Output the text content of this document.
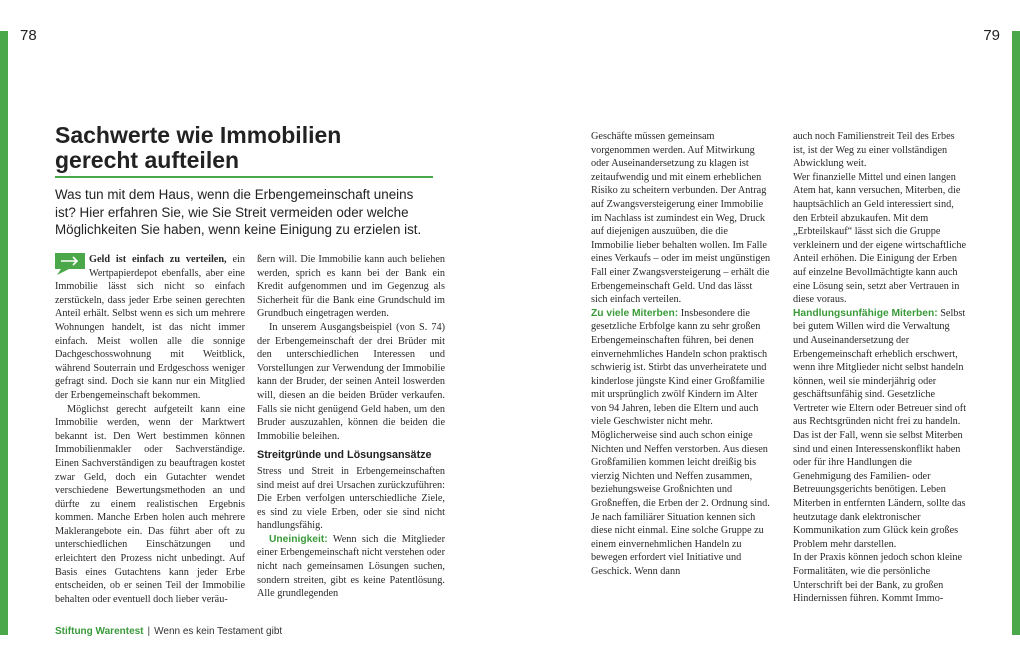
78	79
Sachwerte wie Immobilien
gerecht aufteilen

Was tun mit dem Haus, wenn die Erbengemeinschaft uneins ist? Hier erfahren Sie, wie Sie Streit vermeiden oder welche Möglichkeiten Sie haben, wenn keine Einigung zu erzielen ist.

Geld ist einfach zu verteilen, ein Wertpapierdepot ebenfalls, aber eine Immobilie lässt sich nicht so einfach zerstückeln, dass jeder Erbe seinen gerechten Anteil erhält. Selbst wenn es sich um mehrere Wohnungen handelt, ist das nicht immer einfach. Meist wollen alle die sonnige Dachgeschosswohnung mit Weitblick, während Souterrain und Erdgeschoss weniger gefragt sind. Doch sie kann nur ein Mitglied der Erbengemeinschaft bekommen.

Möglichst gerecht aufgeteilt kann eine Immobilie werden, wenn der Marktwert bekannt ist. Den Wert bestimmen können Immobilienmakler oder Sachverständige. Einen Sachverständigen zu beauftragen kostet zwar Geld, doch ein Gutachter wendet verschiedene Bewertungsmethoden an und dürfte zu einem realistischen Ergebnis kommen. Manche Erben holen auch mehrere Maklerangebote ein. Das führt aber oft zu unterschiedlichen Einschätzungen und erleichtert den Prozess nicht unbedingt. Auf Basis eines Gutachtens kann jeder Erbe entscheiden, ob er seinen Teil der Immobilie behalten oder eventuell doch lieber veräu-

ßern will. Die Immobilie kann auch beliehen werden, sprich es kann bei der Bank ein Kredit aufgenommen und im Gegenzug als Sicherheit für die Bank eine Grundschuld im Grundbuch eingetragen werden.

In unserem Ausgangsbeispiel (von S. 74) der Erbengemeinschaft der drei Brüder mit den unterschiedlichen Interessen und Vorstellungen zur Verwendung der Immobilie kann der Bruder, der seinen Anteil loswerden will, diesen an die beiden Brüder verkaufen. Falls sie nicht genügend Geld haben, um den Bruder auszuzahlen, können die beiden die Immobilie beleihen.

Streitgründe und Lösungsansätze

Stress und Streit in Erbengemeinschaften sind meist auf drei Ursachen zurückzuführen: Die Erben verfolgen unterschiedliche Ziele, es sind zu viele Erben, oder sie sind nicht handlungsfähig.

Uneinigkeit: Wenn sich die Mitglieder einer Erbengemeinschaft nicht verstehen oder nicht nach gemeinsamen Lösungen suchen, sondern streiten, gibt es keine Patentlösung. Alle grundlegenden

Geschäfte müssen gemeinsam vorgenommen werden. Auf Mitwirkung oder Auseinandersetzung zu klagen ist zeitaufwendig und mit einem erheblichen Risiko zu scheitern verbunden. Der Antrag auf Zwangsversteigerung einer Immobilie im Nachlass ist zumindest ein Weg, Druck auf diejenigen auszuüben, die die Immobilie lieber behalten wollen. Im Falle eines Verkaufs – oder im meist ungünstigen Fall einer Zwangsversteigerung – erhält die Erbengemeinschaft Geld. Und das lässt sich einfach verteilen.

Zu viele Miterben: Insbesondere die gesetzliche Erbfolge kann zu sehr großen Erbengemeinschaften führen, bei denen einvernehmliches Handeln schon praktisch schwierig ist. Stirbt das unverheiratete und kinderlose jüngste Kind einer Großfamilie mit ursprünglich zwölf Kindern im Alter von 94 Jahren, leben die Eltern und auch viele Geschwister nicht mehr. Möglicherweise sind auch schon einige Nichten und Neffen verstorben. Aus diesen Großfamilien kommen leicht dreißig bis vierzig Nichten und Neffen zusammen, beziehungsweise Großnichten und Großneffen, die Erben der 2. Ordnung sind. Je nach familiärer Situation kennen sich diese nicht einmal. Eine solche Gruppe zu einem einvernehmlichen Handeln zu bewegen erfordert viel Initiative und Geschick. Wenn dann

auch noch Familienstreit Teil des Erbes ist, ist der Weg zu einer vollständigen Abwicklung weit.

Wer finanzielle Mittel und einen langen Atem hat, kann versuchen, Miterben, die hauptsächlich an Geld interessiert sind, den Erbteil abzukaufen. Mit dem „Erbteilskauf“ lässt sich die Gruppe verkleinern und der eigene wirtschaftliche Anteil erhöhen. Die Einigung der Erben auf einzelne Bevollmächtigte kann auch eine Lösung sein, setzt aber Vertrauen in diese voraus.

Handlungsunfähige Miterben: Selbst bei gutem Willen wird die Verwaltung und Auseinandersetzung der Erbengemeinschaft erheblich erschwert, wenn ihre Mitglieder nicht selbst handeln können, weil sie minderjährig oder geschäftsunfähig sind. Gesetzliche Vertreter wie Eltern oder Betreuer sind oft aus Rechtsgründen nicht frei zu handeln. Das ist der Fall, wenn sie selbst Miterben sind und einen Interessenskonflikt haben oder für ihre Handlungen die Genehmigung des Familien- oder Betreuungsgerichts benötigen. Leben Miterben in entfernten Ländern, sollte das heutzutage dank elektronischer Kommunikation zum Glück kein großes Problem mehr darstellen.

In der Praxis können jedoch schon kleine Formalitäten, wie die persönliche Unterschrift bei der Bank, zu großen Hindernissen führen. Kommt Immo-

Stiftung Warentest | Wenn es kein Testament gibt
